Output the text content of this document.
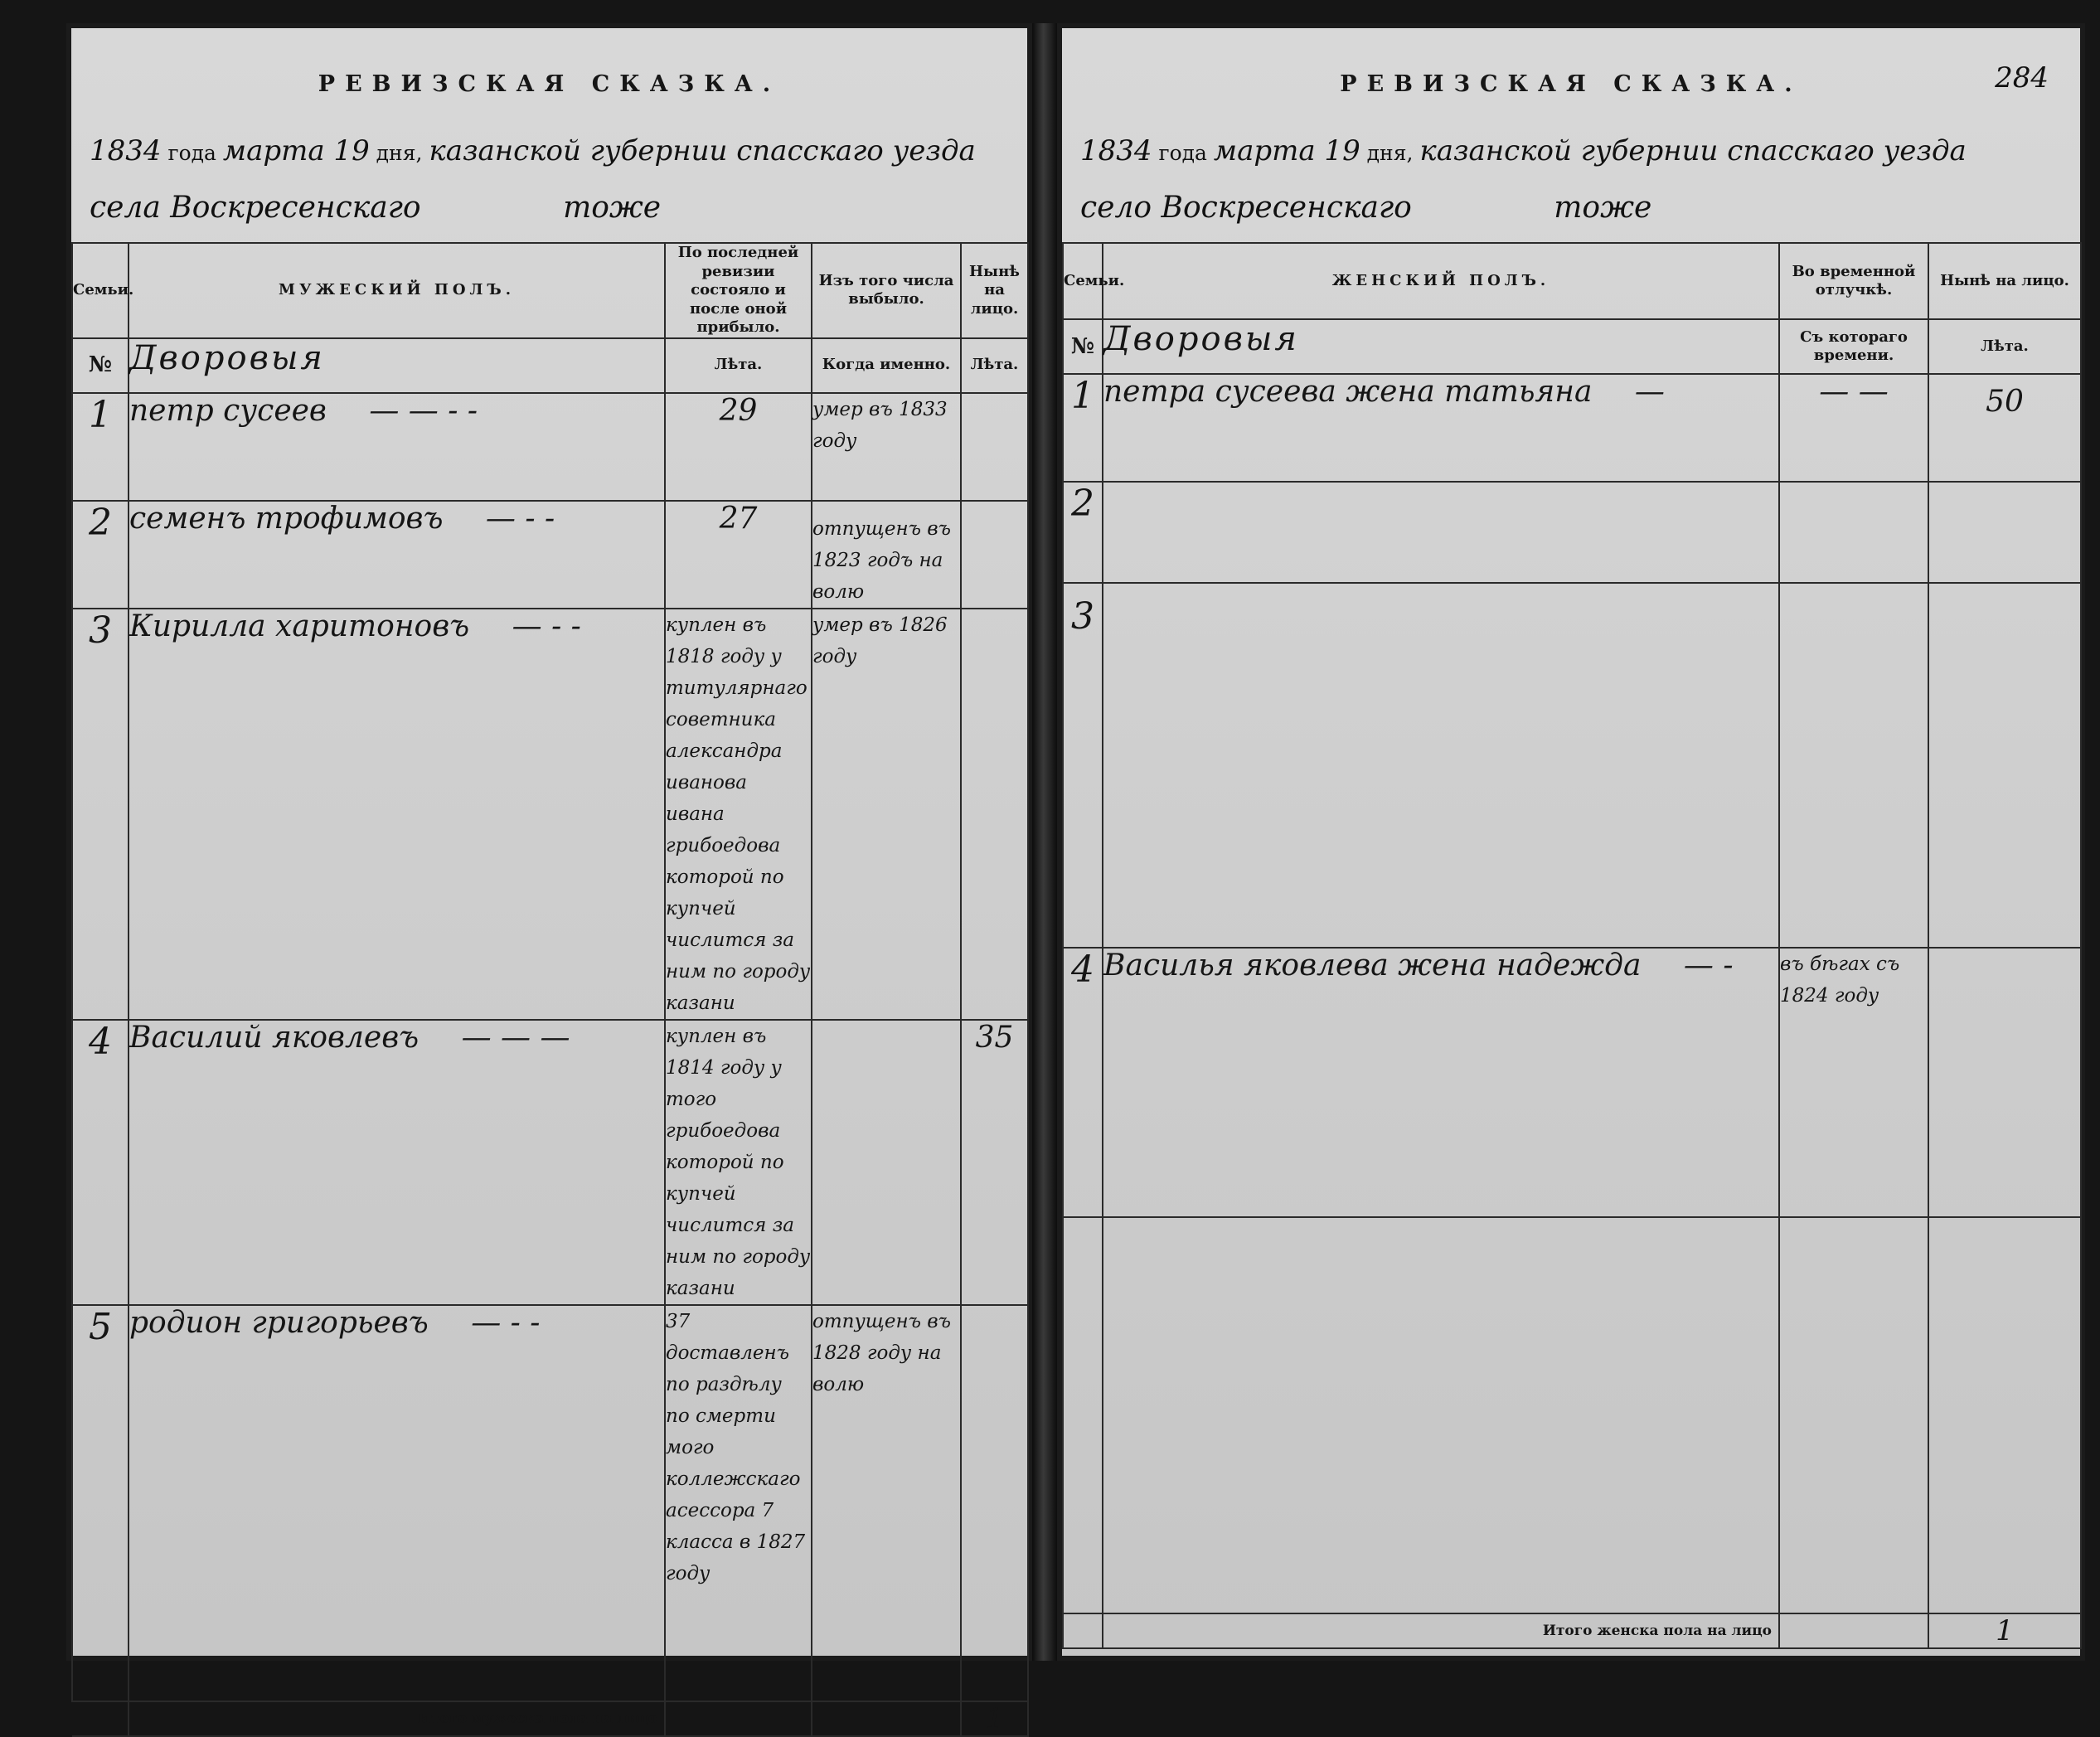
РЕВИЗСКАЯ СКАЗКА.
1834 года марта 19 дня, казанской губернии спасскаго уезда
села Воскресенскаго	тоже
Семьи.	МУЖЕСКИЙ ПОЛЪ.	По последней ревизии состояло и после оной прибыло.	Изъ того числа выбыло.	Нынѣ на лицо.
№	Дворовыя	Лѣта.	Когда именно.	Лѣта.
1	петр сусеев — — - -	29	умер въ 1833 году	
2	семенъ трофимовъ — - -	27	отпущенъ въ 1823 годъ на волю	
3	Кирилла харитоновъ — - -	куплен въ 1818 году у титулярнаго советника александра иванова ивана грибоедова которой по купчей числится за ним по городу казани	умер въ 1826 году	
4	Василий яковлевъ — — —	куплен въ 1814 году у того грибоедова которой по купчей числится за ним по городу казани		35
5	родион григорьевъ — - -	37 доставленъ по раздѣлу по смерти мого коллежскаго асессора 7 класса в 1827 году	отпущенъ въ 1828 году на волю	
	Итого мужеска пола на лицо			1
РЕВИЗСКАЯ СКАЗКА.	284
1834 года марта 19 дня, казанской губернии спасскаго уезда
село Воскресенскаго	тоже
Семьи.	ЖЕНСКИЙ ПОЛЪ.	Во временной отлучкѣ.	Нынѣ на лицо.
№	Дворовыя	Съ котораго времени.	Лѣта.
1	петра сусеева жена татьяна —	— —	50
2			
3			
4	Василья яковлева жена надежда — -	въ бѣгах съ 1824 году	

	Итого женска пола на лицо		1
